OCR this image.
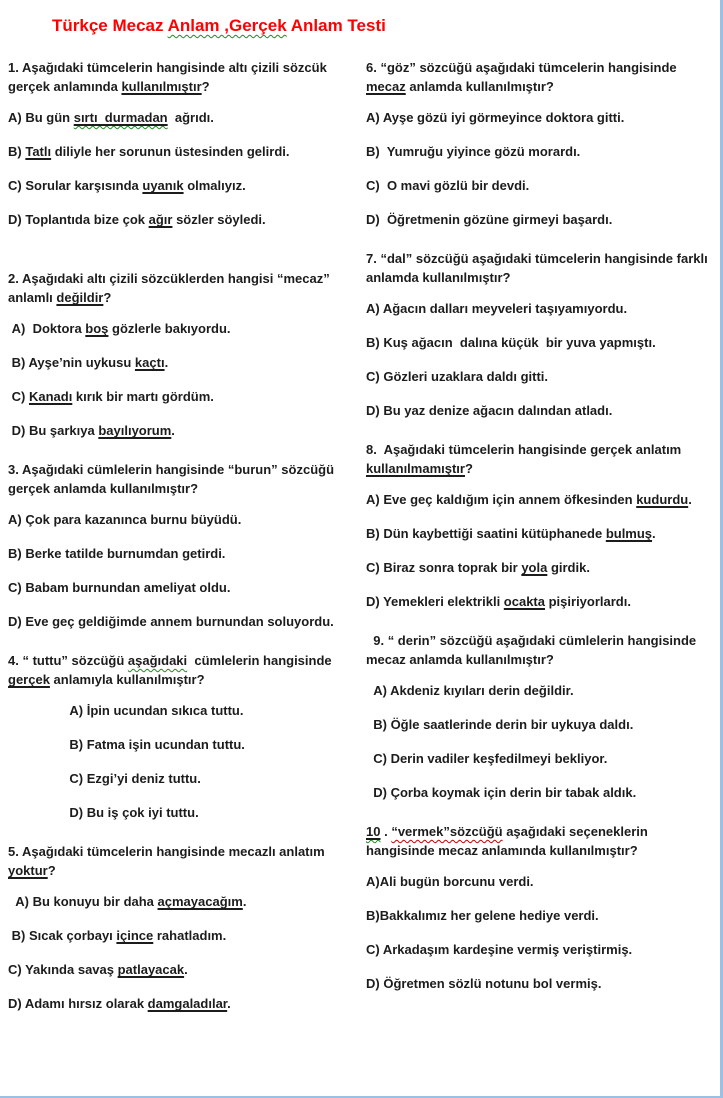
Türkçe Mecaz Anlam ,Gerçek Anlam Testi

1. Aşağıdaki tümcelerin hangisinde altı çizili sözcük gerçek anlamında kullanılmıştır?

A) Bu gün sırtı  durmadan  ağrıdı.

B) Tatlı diliyle her sorunun üstesinden gelirdi.

C) Sorular karşısında uyanık olmalıyız.

D) Toplantıda bize çok ağır sözler söyledi.

2. Aşağıdaki altı çizili sözcüklerden hangisi “mecaz” anlamlı değildir?

A)  Doktora boş gözlerle bakıyordu.

B) Ayşe’nin uykusu kaçtı.

C) Kanadı kırık bir martı gördüm.

D) Bu şarkıya bayılıyorum.

3. Aşağıdaki cümlelerin hangisinde “burun” sözcüğü gerçek anlamda kullanılmıştır?

A) Çok para kazanınca burnu büyüdü.

B) Berke tatilde burnumdan getirdi.

C) Babam burnundan ameliyat oldu.

D) Eve geç geldiğimde annem burnundan soluyordu.

4. “ tuttu” sözcüğü aşağıdaki  cümlelerin hangisinde gerçek anlamıyla kullanılmıştır?

	A) İpin ucundan sıkıca tuttu.

	B) Fatma işin ucundan tuttu.

	C) Ezgi’yi deniz tuttu.

	D) Bu iş çok iyi tuttu.

5. Aşağıdaki tümcelerin hangisinde mecazlı anlatım yoktur?

A) Bu konuyu bir daha açmayacağım.

B) Sıcak çorbayı içince rahatladım.

C) Yakında savaş patlayacak.

D) Adamı hırsız olarak damgaladılar.

6. “göz” sözcüğü aşağıdaki tümcelerin hangisinde mecaz anlamda kullanılmıştır?

A) Ayşe gözü iyi görmeyince doktora gitti.

B)  Yumruğu yiyince gözü morardı.

C)  O mavi gözlü bir devdi.

D)  Öğretmenin gözüne girmeyi başardı.

7. “dal” sözcüğü aşağıdaki tümcelerin hangisinde farklı anlamda kullanılmıştır?

A) Ağacın dalları meyveleri taşıyamıyordu.

B) Kuş ağacın  dalına küçük  bir yuva yapmıştı.

C) Gözleri uzaklara daldı gitti.

D) Bu yaz denize ağacın dalından atladı.

8.  Aşağıdaki tümcelerin hangisinde gerçek anlatım kullanılmamıştır?

A) Eve geç kaldığım için annem öfkesinden kudurdu.

B) Dün kaybettiği saatini kütüphanede bulmuş.

C) Biraz sonra toprak bir yola girdik.

D) Yemekleri elektrikli ocakta pişiriyorlardı.

9. “ derin” sözcüğü aşağıdaki cümlelerin hangisinde mecaz anlamda kullanılmıştır?

A) Akdeniz kıyıları derin değildir.

B) Öğle saatlerinde derin bir uykuya daldı.

C) Derin vadiler keşfedilmeyi bekliyor.

D) Çorba koymak için derin bir tabak aldık.

10 . “vermek”sözcüğü aşağıdaki seçeneklerin hangisinde mecaz anlamında kullanılmıştır?

A)Ali bugün borcunu verdi.

B)Bakkalımız her gelene hediye verdi.

C) Arkadaşım kardeşine vermiş veriştirmiş.

D) Öğretmen sözlü notunu bol vermiş.
